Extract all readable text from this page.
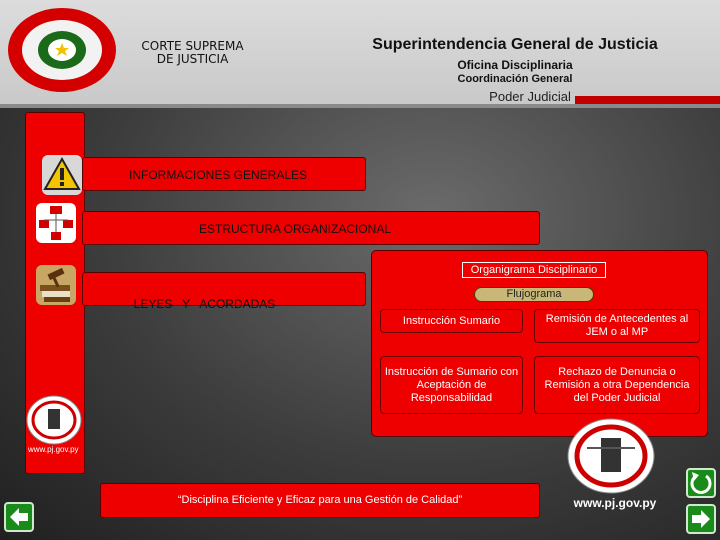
CORTE SUPREMA
DE JUSTICIA
Superintendencia General de Justicia
Oficina Disciplinaria
Coordinación General
Poder Judicial
INFORMACIONES GENERALES
ESTRUCTURA ORGANIZACIONAL

LEYES   Y   ACORDADAS

Organigrama Disciplinario
Flujograma
Instrucción Sumario	Remisión de Antecedentes al JEM o al MP
Instrucción de Sumario con Aceptación de Responsabilidad
Rechazo de Denuncia o Remisión a otra Dependencia del Poder Judicial
www.pj.gov.py
“Disciplina Eficiente y Eficaz para una Gestión de Calidad”	www.pj.gov.py
